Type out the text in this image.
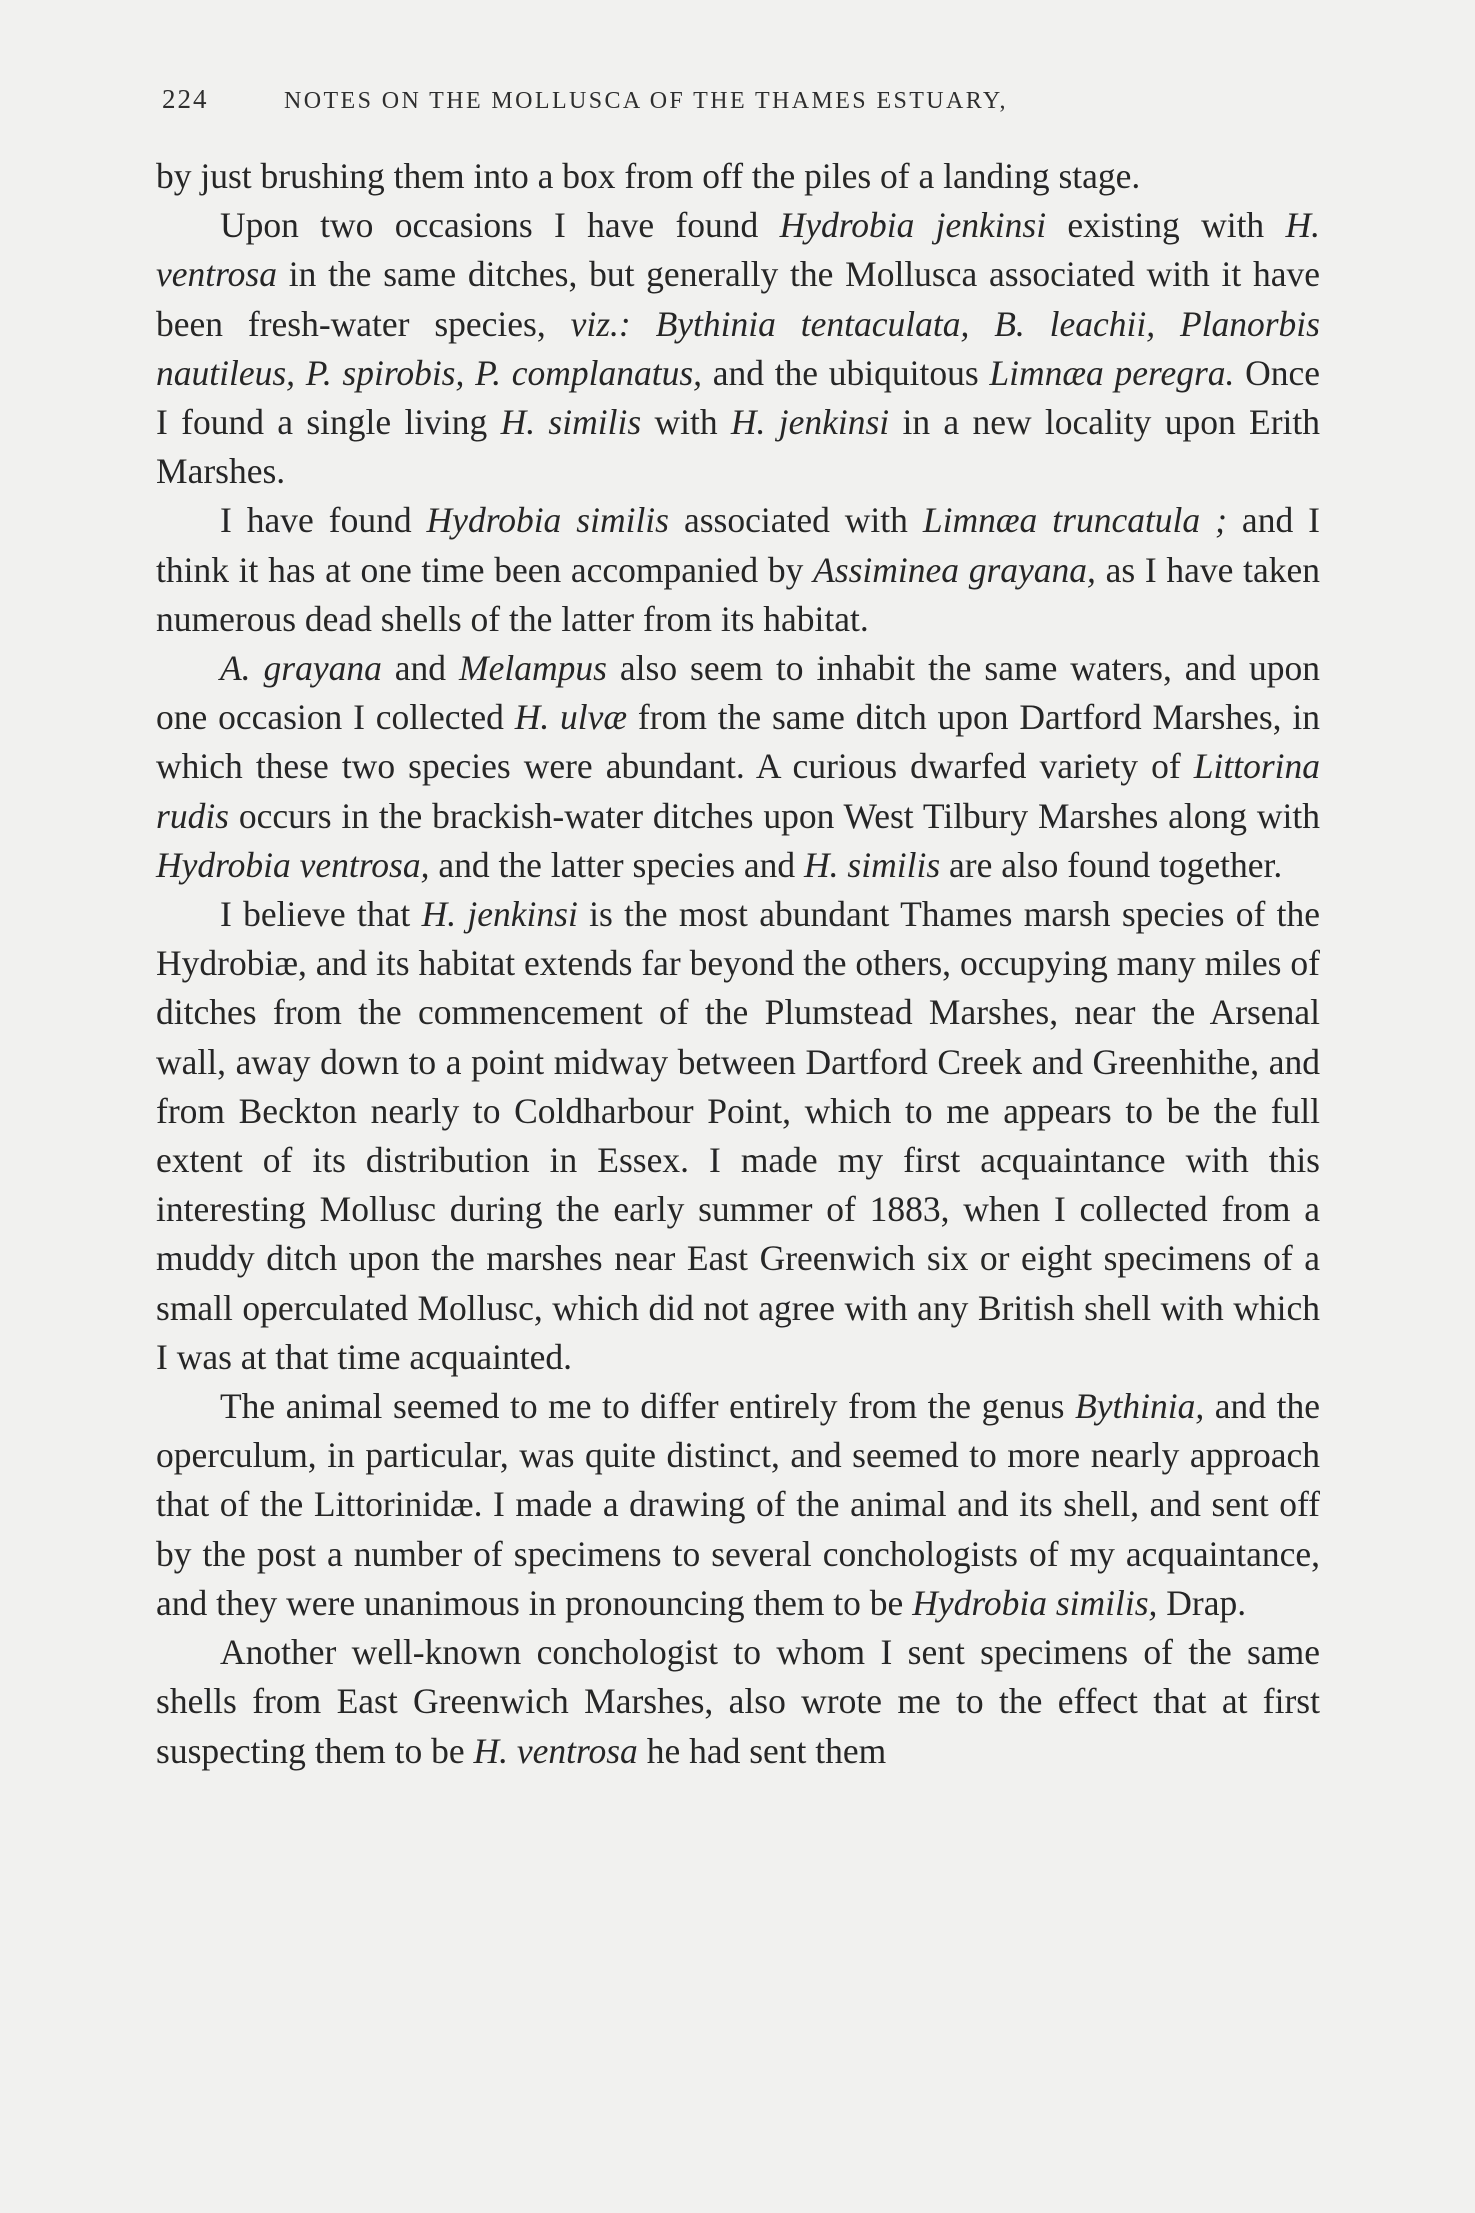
224	NOTES ON THE MOLLUSCA OF THE THAMES ESTUARY,

by just brushing them into a box from off the piles of a landing stage.

Upon two occasions I have found Hydrobia jenkinsi existing with H. ventrosa in the same ditches, but generally the Mollusca associated with it have been fresh-water species, viz.: Bythinia tentaculata, B. leachii, Planorbis nautileus, P. spirobis, P. complanatus, and the ubiquitous Limnæa peregra. Once I found a single living H. similis with H. jenkinsi in a new locality upon Erith Marshes.

I have found Hydrobia similis associated with Limnæa truncatula ; and I think it has at one time been accompanied by Assiminea grayana, as I have taken numerous dead shells of the latter from its habitat.

A. grayana and Melampus also seem to inhabit the same waters, and upon one occasion I collected H. ulvæ from the same ditch upon Dartford Marshes, in which these two species were abundant. A curious dwarfed variety of Littorina rudis occurs in the brackish-water ditches upon West Tilbury Marshes along with Hydrobia ventrosa, and the latter species and H. similis are also found together.

I believe that H. jenkinsi is the most abundant Thames marsh species of the Hydrobiæ, and its habitat extends far beyond the others, occupying many miles of ditches from the commencement of the Plumstead Marshes, near the Arsenal wall, away down to a point midway between Dartford Creek and Greenhithe, and from Beckton nearly to Coldharbour Point, which to me appears to be the full extent of its distribution in Essex. I made my first acquaintance with this interesting Mollusc during the early summer of 1883, when I collected from a muddy ditch upon the marshes near East Greenwich six or eight specimens of a small operculated Mollusc, which did not agree with any British shell with which I was at that time acquainted.

The animal seemed to me to differ entirely from the genus Bythinia, and the operculum, in particular, was quite distinct, and seemed to more nearly approach that of the Littorinidæ. I made a drawing of the animal and its shell, and sent off by the post a number of specimens to several conchologists of my acquaintance, and they were unanimous in pronouncing them to be Hydrobia similis, Drap.

Another well-known conchologist to whom I sent specimens of the same shells from East Greenwich Marshes, also wrote me to the effect that at first suspecting them to be H. ventrosa he had sent them
